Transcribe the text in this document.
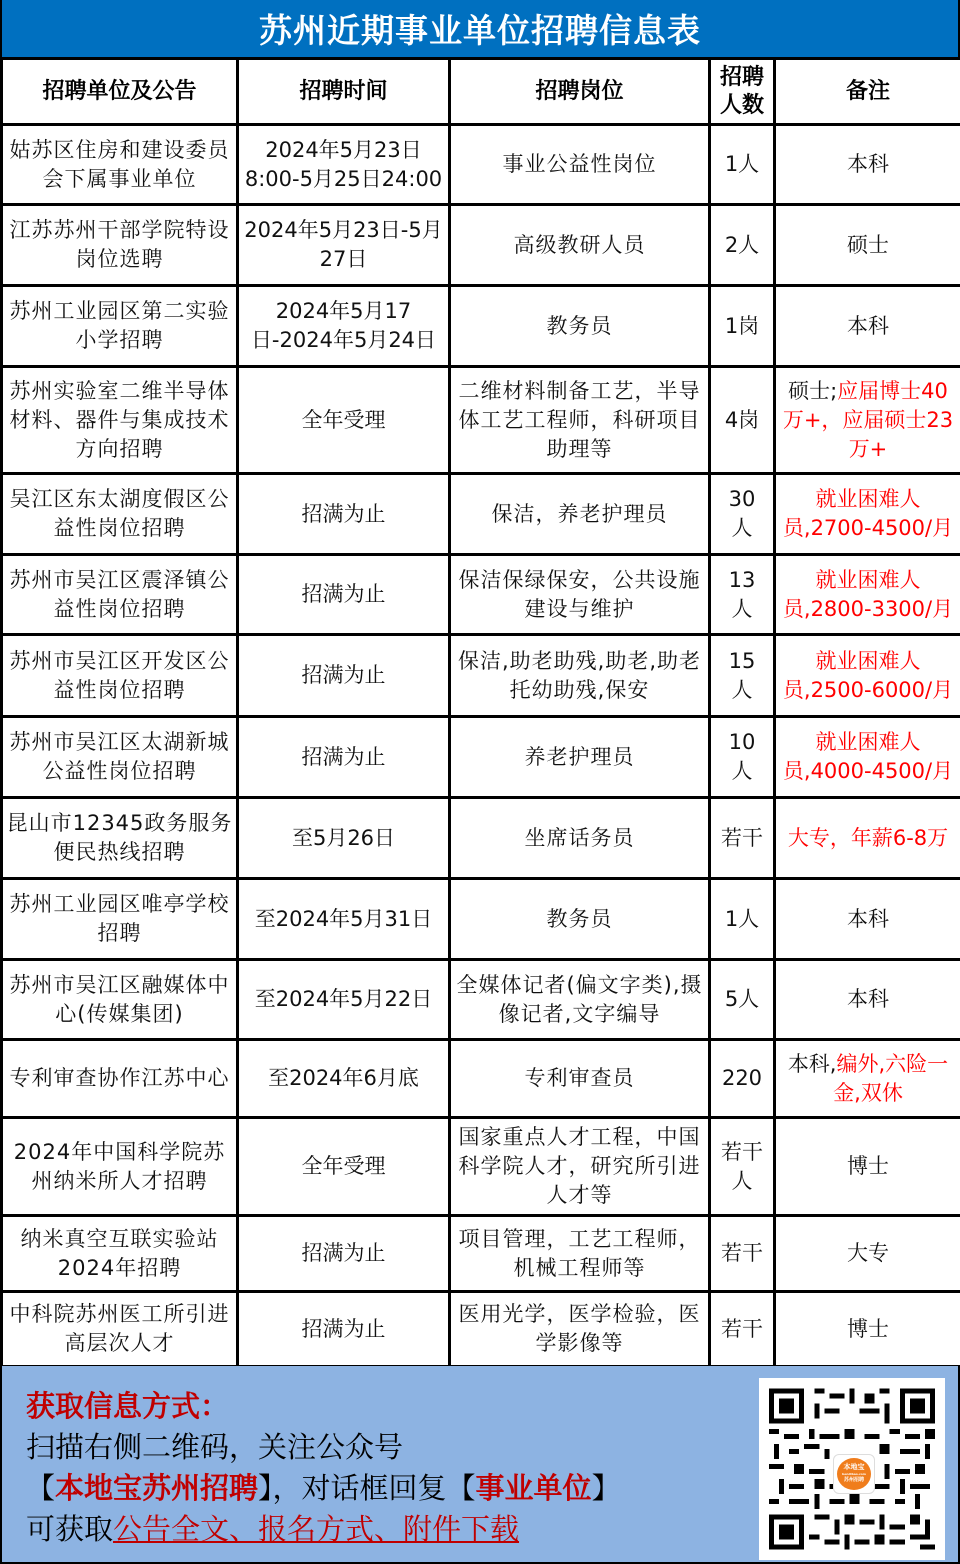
苏州近期事业单位招聘信息表
招聘单位及公告	招聘时间	招聘岗位	招聘人数	备注
姑苏区住房和建设委员会下属事业单位	2024年5月23日 8:00-5月25日24:00	事业公益性岗位	1人	本科
江苏苏州干部学院特设岗位选聘	2024年5月23日-5月27日	高级教研人员	2人	硕士
苏州工业园区第二实验小学招聘	2024年5月17日-2024年5月24日	教务员	1岗	本科
苏州实验室二维半导体材料、器件与集成技术方向招聘	全年受理	二维材料制备工艺，半导体工艺工程师，科研项目助理等	4岗	硕士;应届博士40万+，应届硕士23万+
吴江区东太湖度假区公益性岗位招聘	招满为止	保洁，养老护理员	30人	就业困难人员,2700-4500/月
苏州市吴江区震泽镇公益性岗位招聘	招满为止	保洁保绿保安，公共设施建设与维护	13人	就业困难人员,2800-3300/月
苏州市吴江区开发区公益性岗位招聘	招满为止	保洁,助老助残,助老,助老托幼助残,保安	15人	就业困难人员,2500-6000/月
苏州市吴江区太湖新城公益性岗位招聘	招满为止	养老护理员	10人	就业困难人员,4000-4500/月
昆山市12345政务服务便民热线招聘	至5月26日	坐席话务员	若干	大专，年薪6-8万
苏州工业园区唯亭学校招聘	至2024年5月31日	教务员	1人	本科
苏州市吴江区融媒体中心(传媒集团)	至2024年5月22日	全媒体记者(偏文字类),摄像记者,文字编导	5人	本科
专利审查协作江苏中心	至2024年6月底	专利审查员	220	本科,编外,六险一金,双休
2024年中国科学院苏州纳米所人才招聘	全年受理	国家重点人才工程，中国科学院人才，研究所引进人才等	若干人	博士
纳米真空互联实验站2024年招聘	招满为止	项目管理，工艺工程师，机械工程师等	若干	大专
中科院苏州医工所引进高层次人才	招满为止	医用光学，医学检验，医学影像等	若干	博士
获取信息方式：
扫描右侧二维码，关注公众号
【本地宝苏州招聘】，对话框回复【事业单位】
可获取公告全文、报名方式、附件下载
本地宝
bendibao.com
苏州招聘
